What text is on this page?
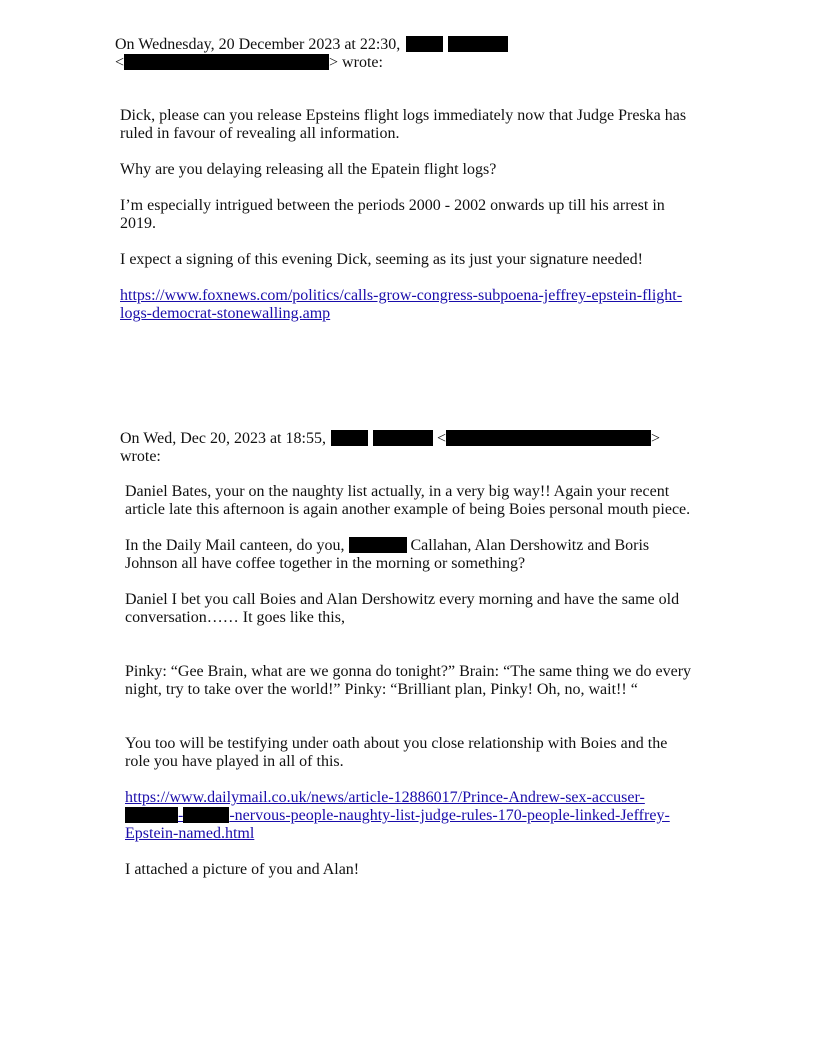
On Wednesday, 20 December 2023 at 22:30,
<	> wrote:

Dick, please can you release Epsteins flight logs immediately now that Judge Preska has ruled in favour of revealing all information.

Why are you delaying releasing all the Epatein flight logs?

I’m especially intrigued between the periods 2000 - 2002 onwards up till his arrest in 2019.

I expect a signing of this evening Dick, seeming as its just your signature needed!

https://www.foxnews.com/politics/calls-grow-congress-subpoena-jeffrey-epstein-flight-
logs-democrat-stonewalling.amp

On Wed, Dec 20, 2023 at 18:55,	<	>
wrote:

Daniel Bates, your on the naughty list actually, in a very big way!! Again your recent article late this afternoon is again another example of being Boies personal mouth piece.

In the Daily Mail canteen, do you,	Callahan, Alan Dershowitz and Boris Johnson all have coffee together in the morning or something?

Daniel I bet you call Boies and Alan Dershowitz every morning and have the same old conversation…… It goes like this,

Pinky: “Gee Brain, what are we gonna do tonight?” Brain: “The same thing we do every night, try to take over the world!” Pinky: “Brilliant plan, Pinky! Oh, no, wait!! “

You too will be testifying under oath about you close relationship with Boies and the role you have played in all of this.

https://www.dailymail.co.uk/news/article-12886017/Prince-Andrew-sex-accuser-
-	-nervous-people-naughty-list-judge-rules-170-people-linked-Jeffrey-
Epstein-named.html

I attached a picture of you and Alan!
